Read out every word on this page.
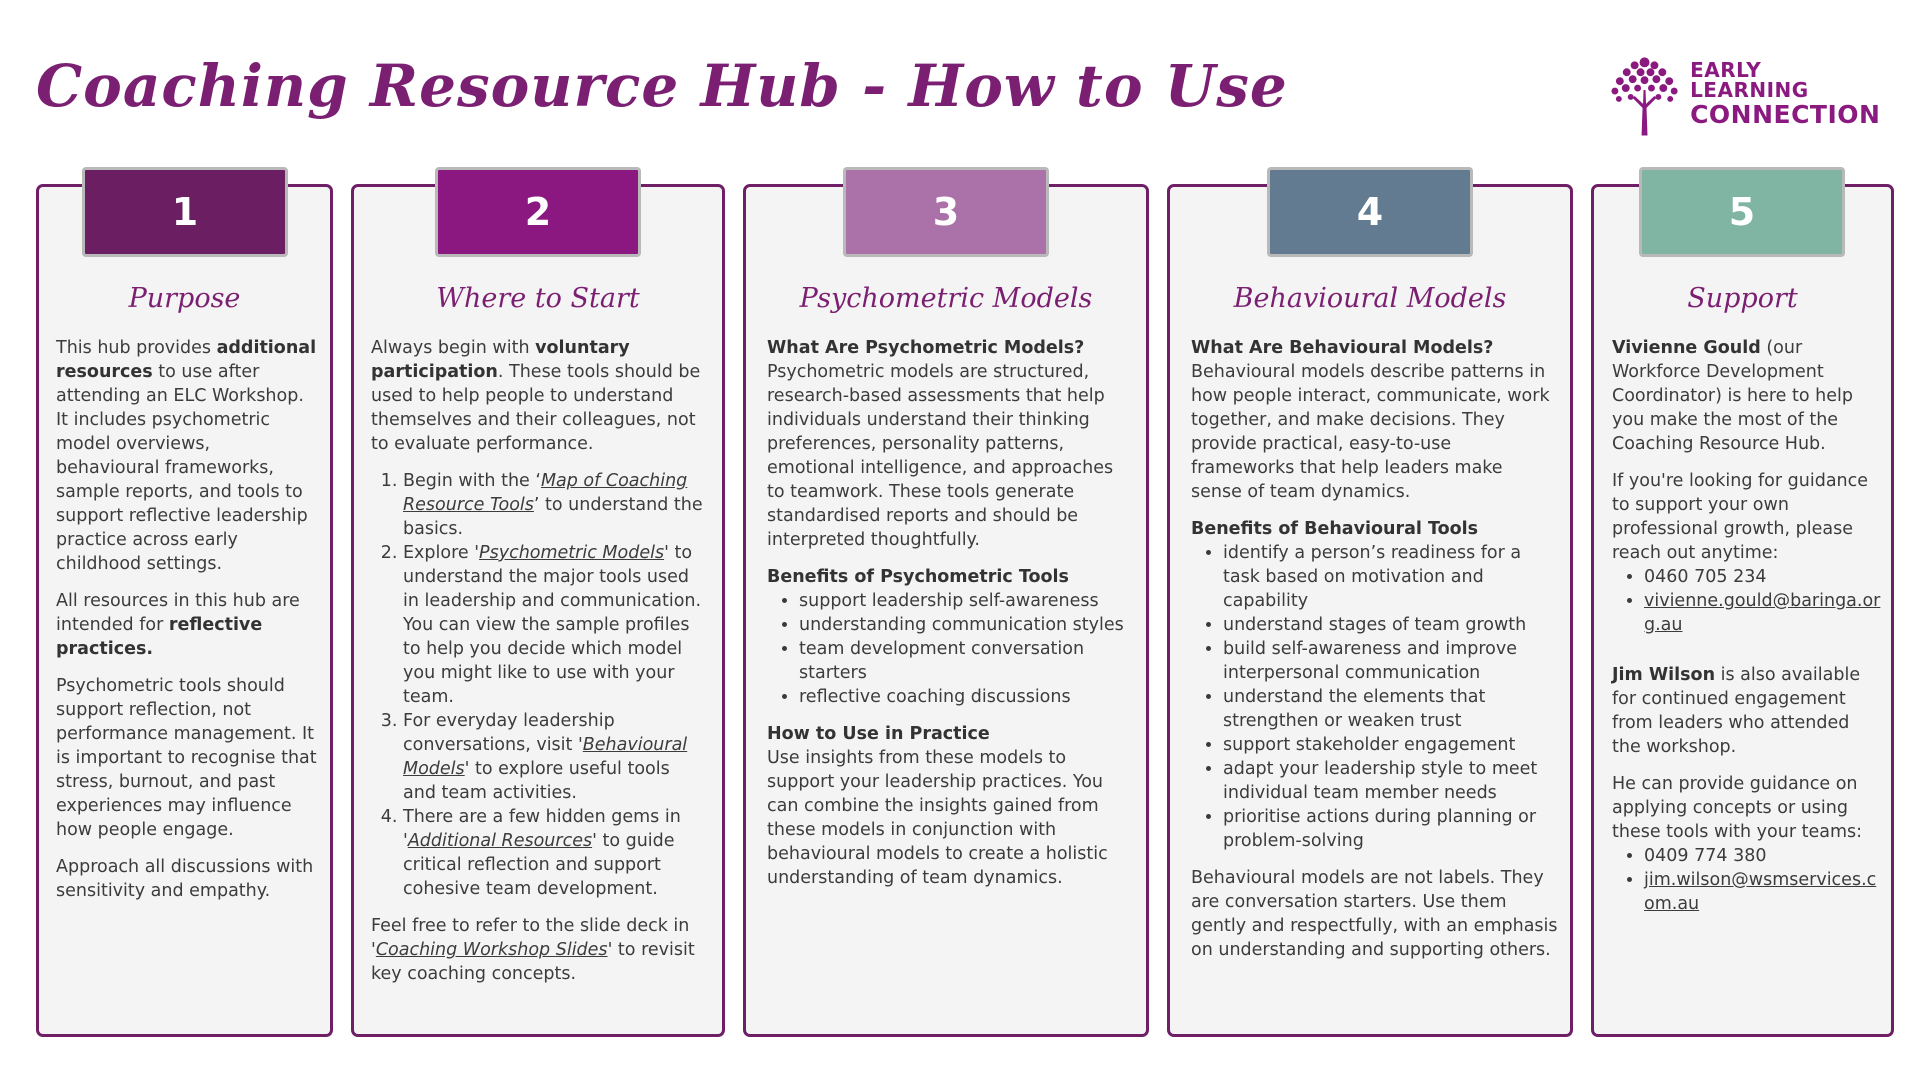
Coaching Resource Hub - How to Use	EARLY LEARNING
CONNECTION
1
Purpose

This hub provides additional resources to use after attending an ELC Workshop. It includes psychometric model overviews, behavioural frameworks, sample reports, and tools to support reflective leadership practice across early childhood settings.

All resources in this hub are intended for reflective practices.

Psychometric tools should support reflection, not performance management. It is important to recognise that stress, burnout, and past experiences may influence how people engage.

Approach all discussions with sensitivity and empathy.

2
Where to Start

Always begin with voluntary participation. These tools should be used to help people to understand themselves and their colleagues, not to evaluate performance.

1. Begin with the ‘Map of Coaching Resource Tools’ to understand the basics.
2. Explore 'Psychometric Models' to understand the major tools used in leadership and communication. You can view the sample profiles to help you decide which model you might like to use with your team.
3. For everyday leadership conversations, visit 'Behavioural Models' to explore useful tools and team activities.
4. There are a few hidden gems in 'Additional Resources' to guide critical reflection and support cohesive team development.

Feel free to refer to the slide deck in 'Coaching Workshop Slides' to revisit key coaching concepts.

3
Psychometric Models

What Are Psychometric Models?
Psychometric models are structured, research-based assessments that help individuals understand their thinking preferences, personality patterns, emotional intelligence, and approaches to teamwork. These tools generate standardised reports and should be interpreted thoughtfully.

Benefits of Psychometric Tools
• support leadership self-awareness
• understanding communication styles
• team development conversation starters
• reflective coaching discussions

How to Use in Practice
Use insights from these models to support your leadership practices. You can combine the insights gained from these models in conjunction with behavioural models to create a holistic understanding of team dynamics.

4
Behavioural Models

What Are Behavioural Models?
Behavioural models describe patterns in how people interact, communicate, work together, and make decisions. They provide practical, easy-to-use frameworks that help leaders make sense of team dynamics.

Benefits of Behavioural Tools
• identify a person’s readiness for a task based on motivation and capability
• understand stages of team growth
• build self-awareness and improve interpersonal communication
• understand the elements that strengthen or weaken trust
• support stakeholder engagement
• adapt your leadership style to meet individual team member needs
• prioritise actions during planning or problem-solving

Behavioural models are not labels. They are conversation starters. Use them gently and respectfully, with an emphasis on understanding and supporting others.

5
Support

Vivienne Gould (our Workforce Development Coordinator) is here to help you make the most of the Coaching Resource Hub.

If you're looking for guidance to support your own professional growth, please reach out anytime:

• 0460 705 234
• vivienne.gould@baringa.org.au

Jim Wilson is also available for continued engagement from leaders who attended the workshop.

He can provide guidance on applying concepts or using these tools with your teams:

• 0409 774 380
• jim.wilson@wsmservices.com.au
